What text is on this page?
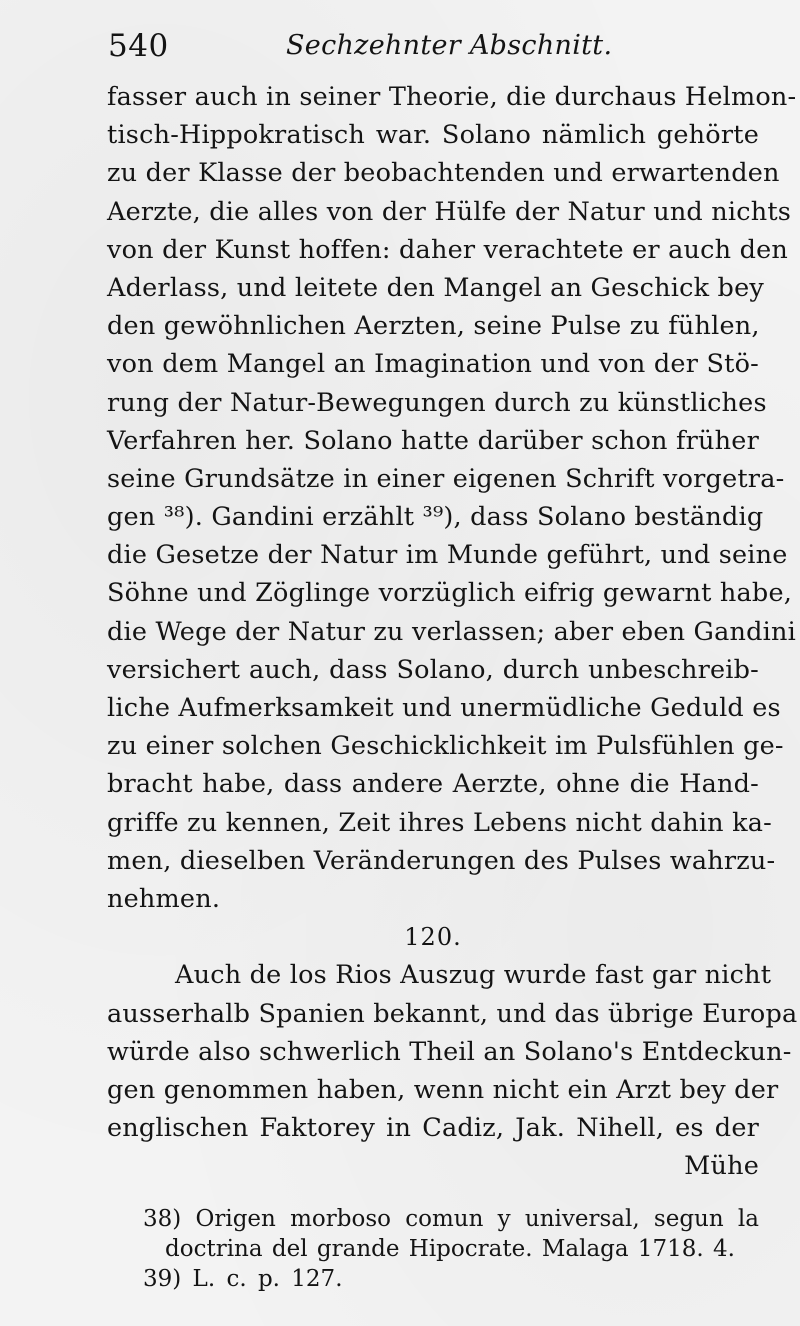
540	Sechzehnter Abschnitt.
fasser auch in seiner Theorie, die durchaus Helmon-
tisch-Hippokratisch war. Solano nämlich gehörte
zu der Klasse der beobachtenden und erwartenden
Aerzte, die alles von der Hülfe der Natur und nichts
von der Kunst hoffen: daher verachtete er auch den
Aderlass, und leitete den Mangel an Geschick bey
den gewöhnlichen Aerzten, seine Pulse zu fühlen,
von dem Mangel an Imagination und von der Stö-
rung der Natur-Bewegungen durch zu künstliches
Verfahren her. Solano hatte darüber schon früher
seine Grundsätze in einer eigenen Schrift vorgetra-
gen ³⁸). Gandini erzählt ³⁹), dass Solano beständig
die Gesetze der Natur im Munde geführt, und seine
Söhne und Zöglinge vorzüglich eifrig gewarnt habe,
die Wege der Natur zu verlassen; aber eben Gandini
versichert auch, dass Solano, durch unbeschreib-
liche Aufmerksamkeit und unermüdliche Geduld es
zu einer solchen Geschicklichkeit im Pulsfühlen ge-
bracht habe, dass andere Aerzte, ohne die Hand-
griffe zu kennen, Zeit ihres Lebens nicht dahin ka-
men, dieselben Veränderungen des Pulses wahrzu-
nehmen.
120.
Auch de los Rios Auszug wurde fast gar nicht
ausserhalb Spanien bekannt, und das übrige Europa
würde also schwerlich Theil an Solano's Entdeckun-
gen genommen haben, wenn nicht ein Arzt bey der
englischen Faktorey in Cadiz, Jak. Nihell, es der
Mühe
38) Origen morboso comun y universal, segun la
doctrina del grande Hipocrate. Malaga 1718. 4.
39) L. c. p. 127.
